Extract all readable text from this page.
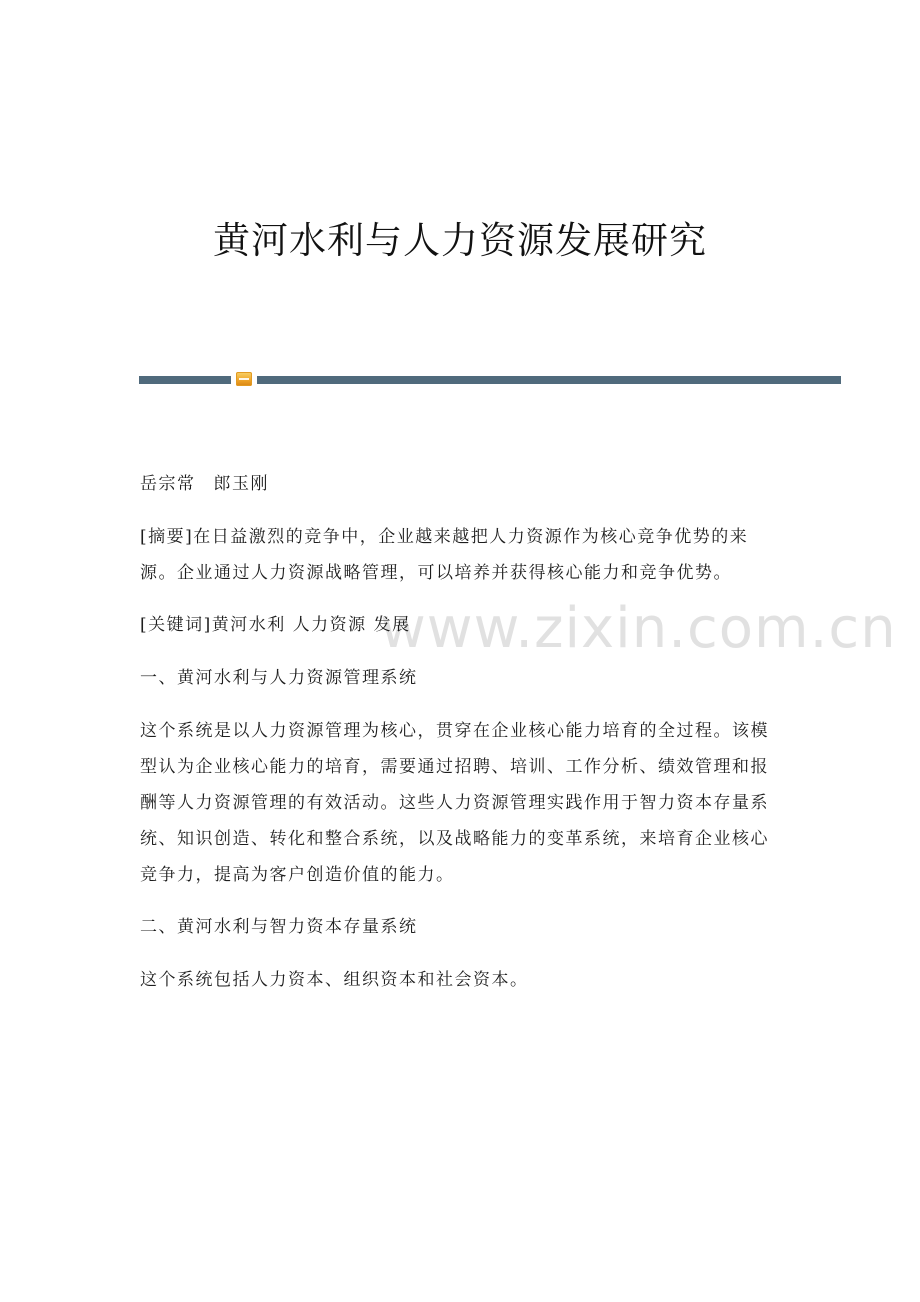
黄河水利与人力资源发展研究
www.zixin.com.cn

岳宗常 郎玉刚

[摘要]在日益激烈的竞争中，企业越来越把人力资源作为核心竞争优势的来源。企业通过人力资源战略管理，可以培养并获得核心能力和竞争优势。

[关键词]黄河水利 人力资源 发展

一、黄河水利与人力资源管理系统

这个系统是以人力资源管理为核心，贯穿在企业核心能力培育的全过程。该模型认为企业核心能力的培育，需要通过招聘、培训、工作分析、绩效管理和报酬等人力资源管理的有效活动。这些人力资源管理实践作用于智力资本存量系统、知识创造、转化和整合系统，以及战略能力的变革系统，来培育企业核心竞争力，提高为客户创造价值的能力。

二、黄河水利与智力资本存量系统

这个系统包括人力资本、组织资本和社会资本。
